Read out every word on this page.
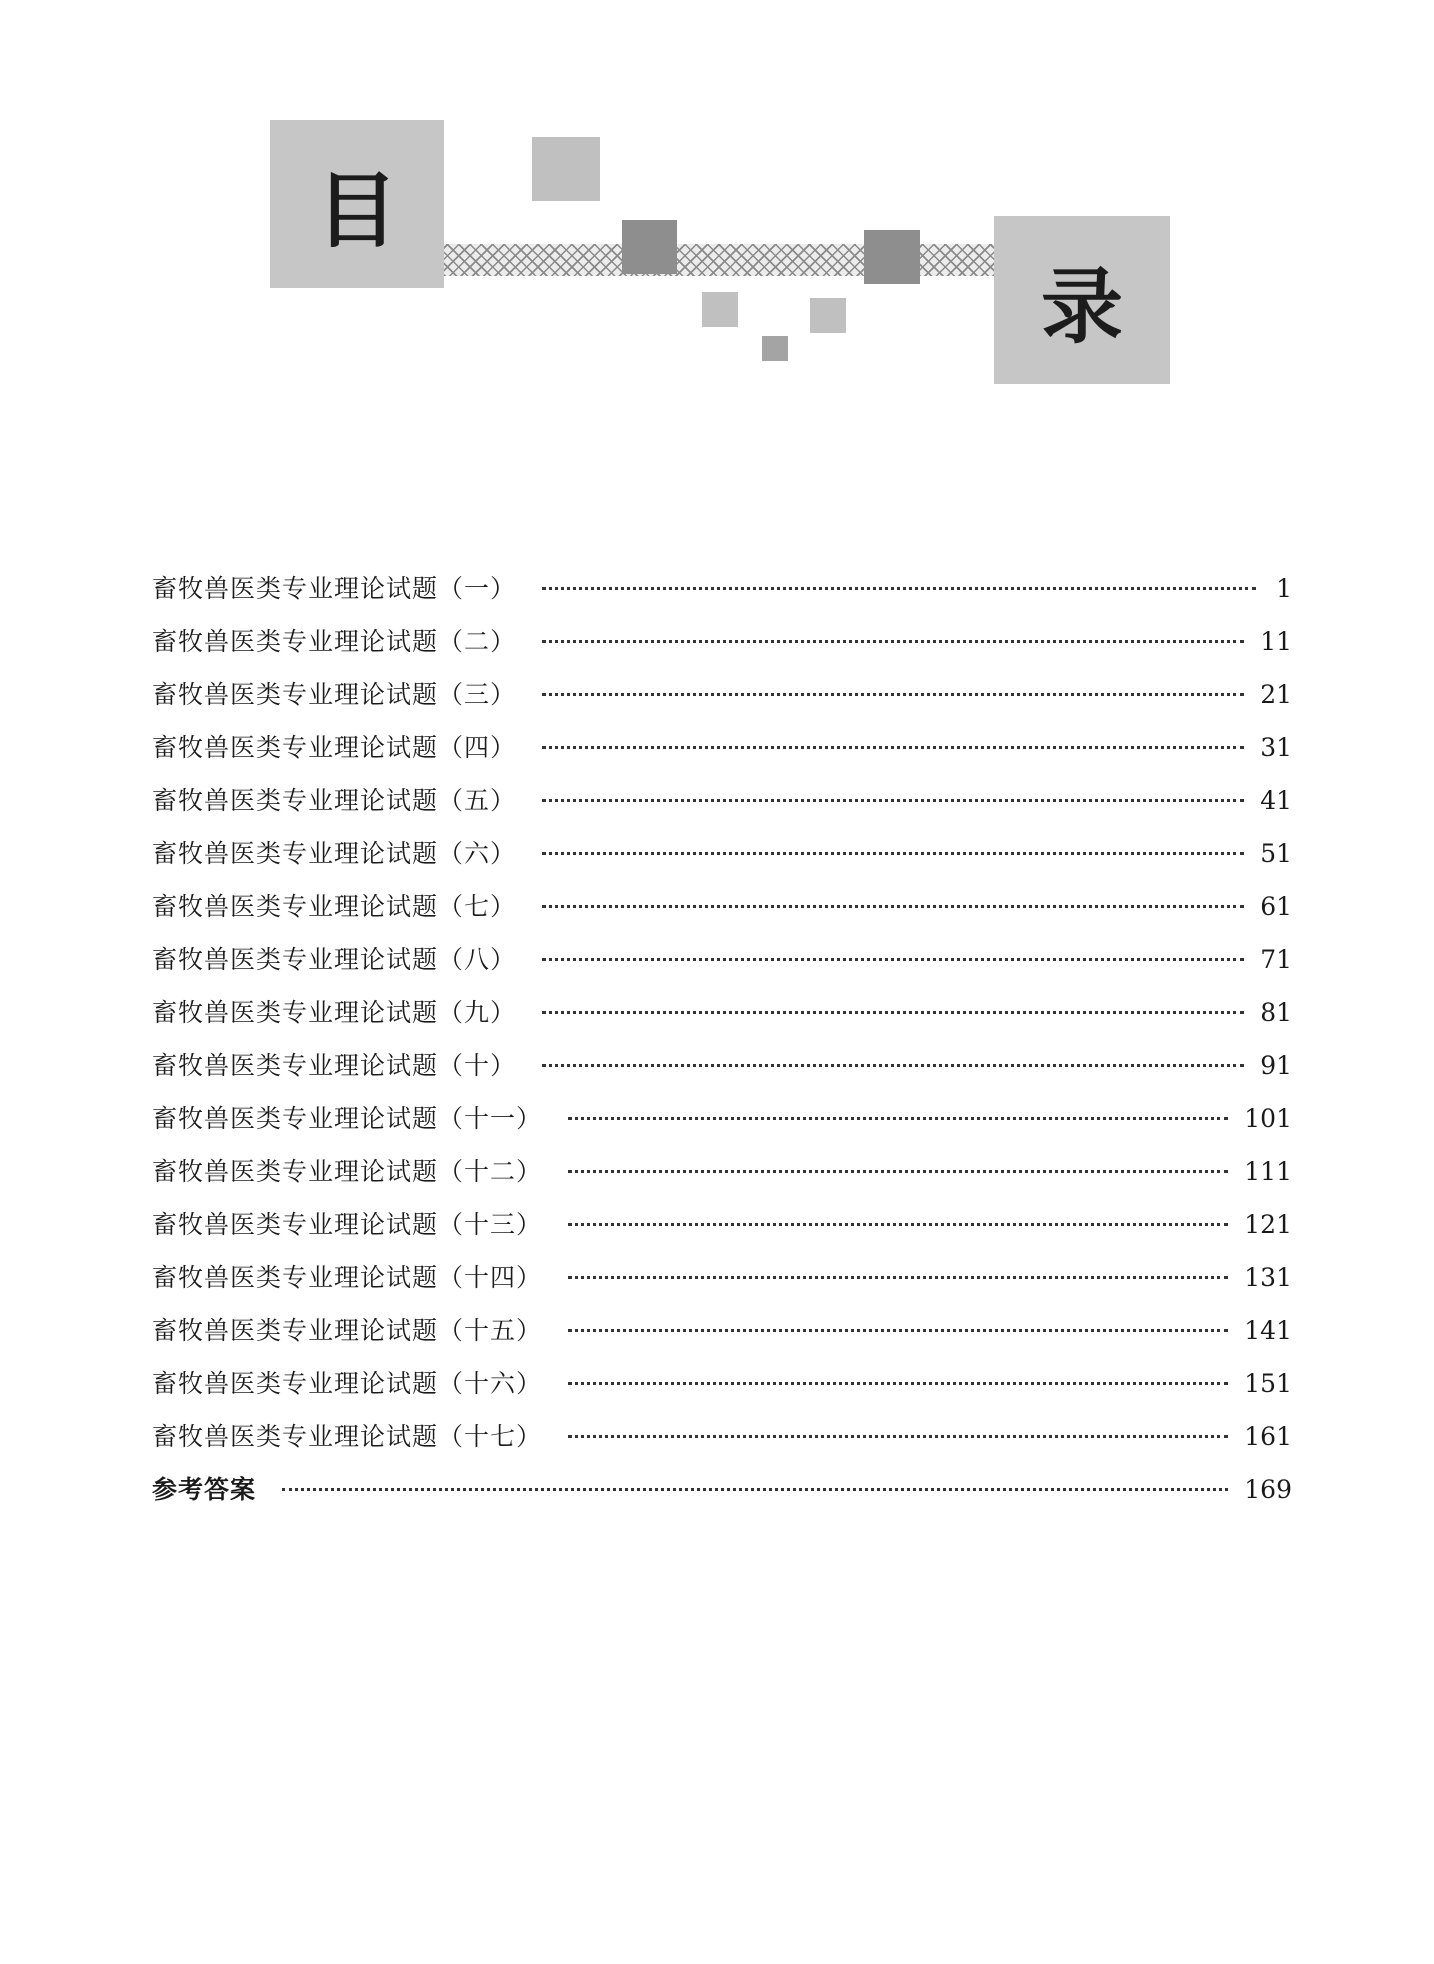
目
录
畜牧兽医类专业理论试题（一）	1
畜牧兽医类专业理论试题（二）	11
畜牧兽医类专业理论试题（三）	21
畜牧兽医类专业理论试题（四）	31
畜牧兽医类专业理论试题（五）	41
畜牧兽医类专业理论试题（六）	51
畜牧兽医类专业理论试题（七）	61
畜牧兽医类专业理论试题（八）	71
畜牧兽医类专业理论试题（九）	81
畜牧兽医类专业理论试题（十）	91
畜牧兽医类专业理论试题（十一）	101
畜牧兽医类专业理论试题（十二）	111
畜牧兽医类专业理论试题（十三）	121
畜牧兽医类专业理论试题（十四）	131
畜牧兽医类专业理论试题（十五）	141
畜牧兽医类专业理论试题（十六）	151
畜牧兽医类专业理论试题（十七）	161
参考答案	169
